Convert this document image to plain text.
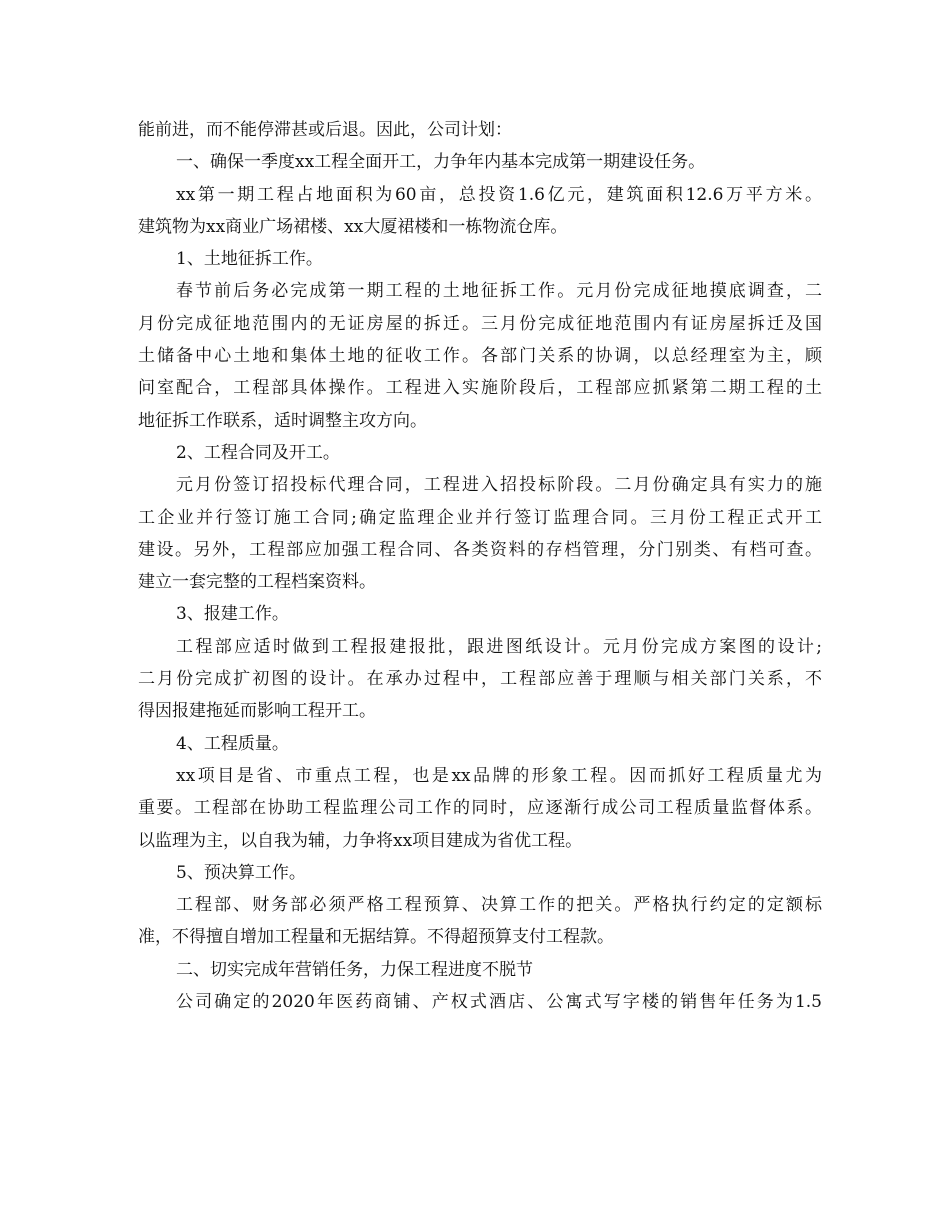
能前进，而不能停滞甚或后退。因此，公司计划：
一、确保一季度xx工程全面开工，力争年内基本完成第一期建设任务。
xx第一期工程占地面积为60亩，总投资1.6亿元，建筑面积12.6万平方米。
建筑物为xx商业广场裙楼、xx大厦裙楼和一栋物流仓库。
1、土地征拆工作。
春节前后务必完成第一期工程的土地征拆工作。元月份完成征地摸底调查，二
月份完成征地范围内的无证房屋的拆迁。三月份完成征地范围内有证房屋拆迁及国
土储备中心土地和集体土地的征收工作。各部门关系的协调，以总经理室为主，顾
问室配合，工程部具体操作。工程进入实施阶段后，工程部应抓紧第二期工程的土
地征拆工作联系，适时调整主攻方向。
2、工程合同及开工。
元月份签订招投标代理合同，工程进入招投标阶段。二月份确定具有实力的施
工企业并行签订施工合同;确定监理企业并行签订监理合同。三月份工程正式开工
建设。另外，工程部应加强工程合同、各类资料的存档管理，分门别类、有档可查。
建立一套完整的工程档案资料。
3、报建工作。
工程部应适时做到工程报建报批，跟进图纸设计。元月份完成方案图的设计;
二月份完成扩初图的设计。在承办过程中，工程部应善于理顺与相关部门关系，不
得因报建拖延而影响工程开工。
4、工程质量。
xx项目是省、市重点工程，也是xx品牌的形象工程。因而抓好工程质量尤为
重要。工程部在协助工程监理公司工作的同时，应逐渐行成公司工程质量监督体系。
以监理为主，以自我为辅，力争将xx项目建成为省优工程。
5、预决算工作。
工程部、财务部必须严格工程预算、决算工作的把关。严格执行约定的定额标
准，不得擅自增加工程量和无据结算。不得超预算支付工程款。
二、切实完成年营销任务，力保工程进度不脱节
公司确定的2020年医药商铺、产权式酒店、公寓式写字楼的销售年任务为1.5
